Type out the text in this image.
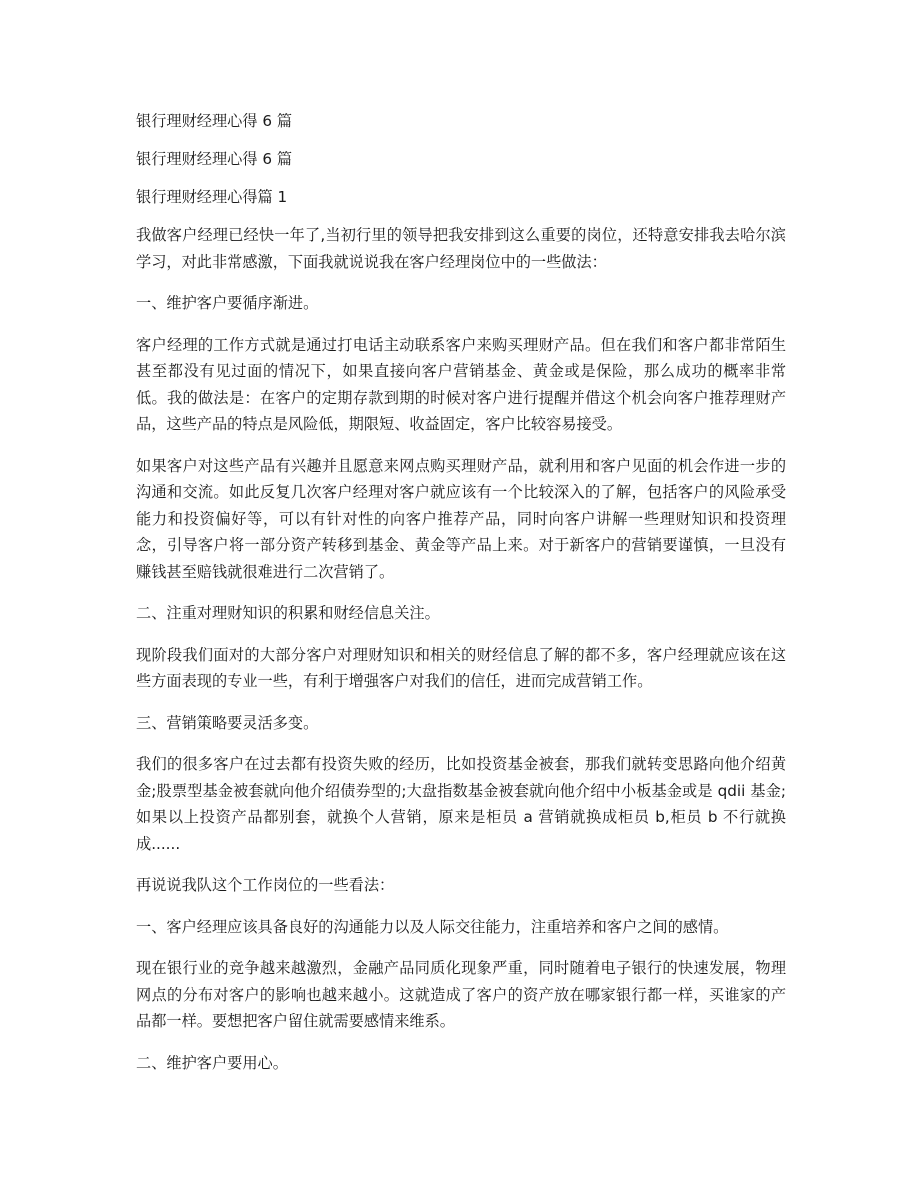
银行理财经理心得 6 篇
银行理财经理心得 6 篇
银行理财经理心得篇 1

我做客户经理已经快一年了,当初行里的领导把我安排到这么重要的岗位，还特意安排我去哈尔滨学习，对此非常感激，下面我就说说我在客户经理岗位中的一些做法：

一、维护客户要循序渐进。

客户经理的工作方式就是通过打电话主动联系客户来购买理财产品。但在我们和客户都非常陌生甚至都没有见过面的情况下，如果直接向客户营销基金、黄金或是保险，那么成功的概率非常低。我的做法是：在客户的定期存款到期的时候对客户进行提醒并借这个机会向客户推荐理财产品，这些产品的特点是风险低，期限短、收益固定，客户比较容易接受。

如果客户对这些产品有兴趣并且愿意来网点购买理财产品，就利用和客户见面的机会作进一步的沟通和交流。如此反复几次客户经理对客户就应该有一个比较深入的了解，包括客户的风险承受能力和投资偏好等，可以有针对性的向客户推荐产品，同时向客户讲解一些理财知识和投资理念，引导客户将一部分资产转移到基金、黄金等产品上来。对于新客户的营销要谨慎，一旦没有赚钱甚至赔钱就很难进行二次营销了。

二、注重对理财知识的积累和财经信息关注。

现阶段我们面对的大部分客户对理财知识和相关的财经信息了解的都不多，客户经理就应该在这些方面表现的专业一些，有利于增强客户对我们的信任，进而完成营销工作。

三、营销策略要灵活多变。

我们的很多客户在过去都有投资失败的经历，比如投资基金被套，那我们就转变思路向他介绍黄金;股票型基金被套就向他介绍债券型的;大盘指数基金被套就向他介绍中小板基金或是 qdii 基金;如果以上投资产品都别套，就换个人营销，原来是柜员 a 营销就换成柜员 b,柜员 b 不行就换成......

再说说我队这个工作岗位的一些看法：

一、客户经理应该具备良好的沟通能力以及人际交往能力，注重培养和客户之间的感情。

现在银行业的竞争越来越激烈，金融产品同质化现象严重，同时随着电子银行的快速发展，物理网点的分布对客户的影响也越来越小。这就造成了客户的资产放在哪家银行都一样，买谁家的产品都一样。要想把客户留住就需要感情来维系。

二、维护客户要用心。
